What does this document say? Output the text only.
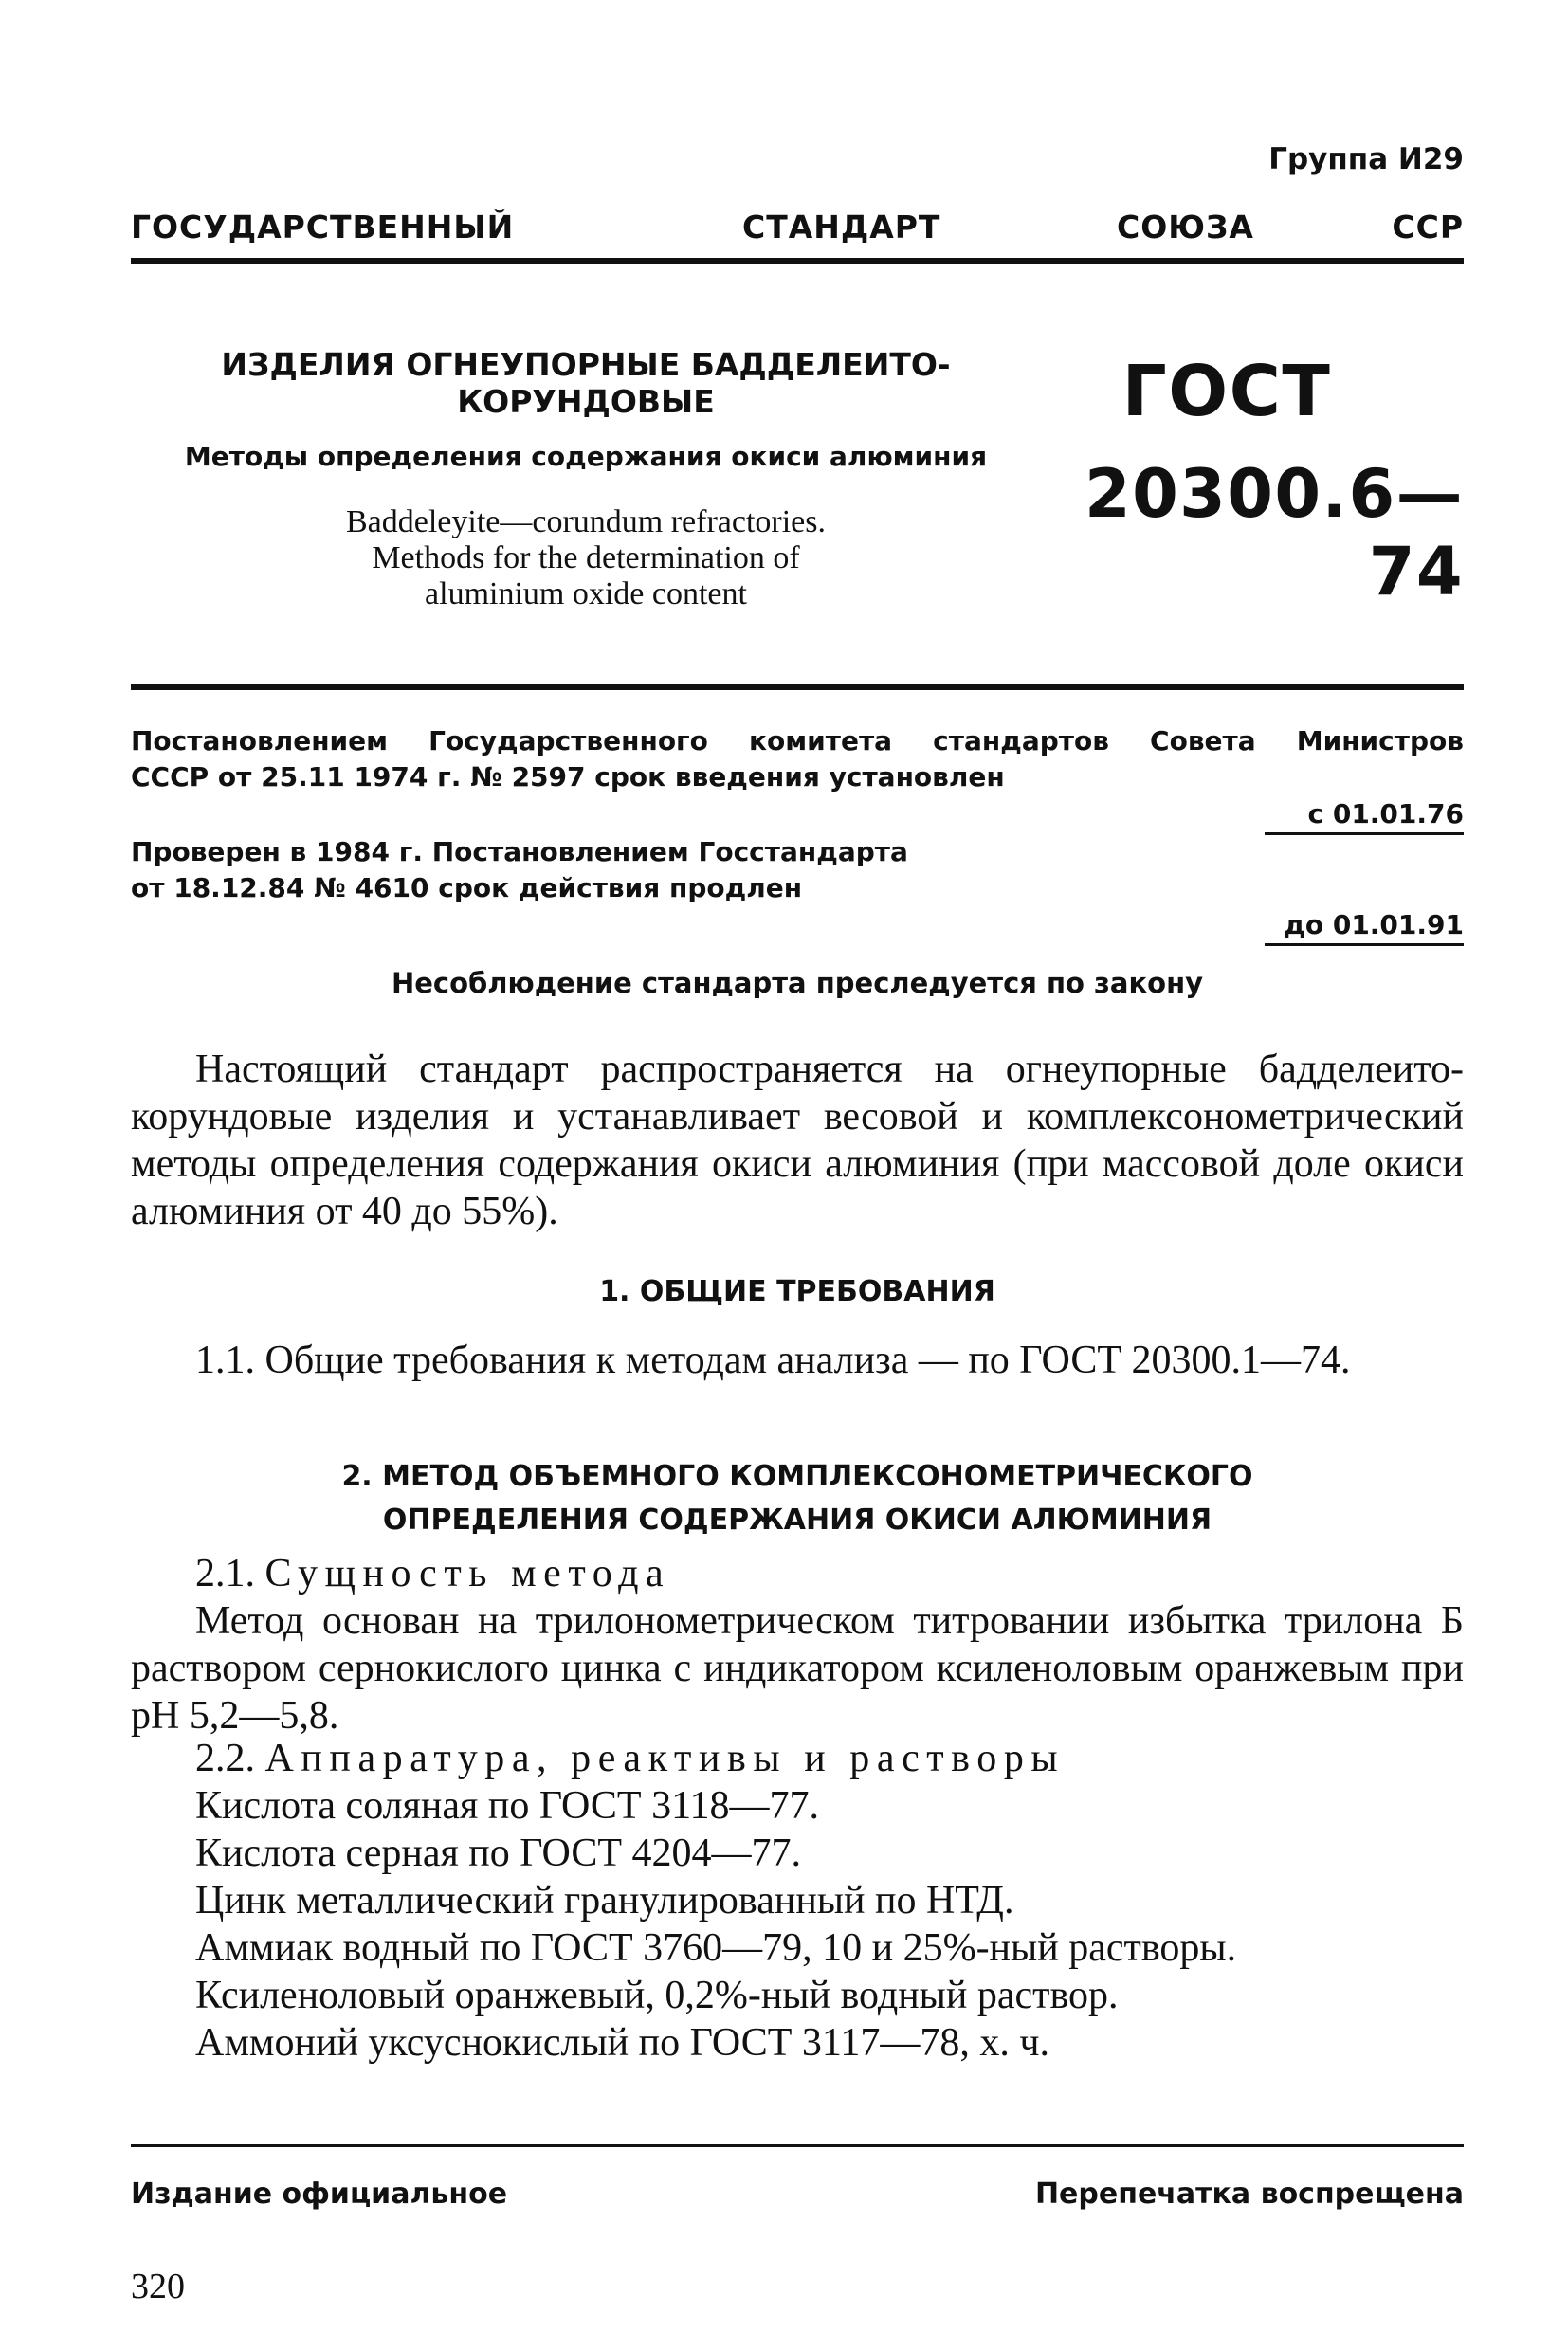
Группа И29
ГОСУДАРСТВЕННЫЙ	СТАНДАРТ	СОЮЗА	ССР
ИЗДЕЛИЯ ОГНЕУПОРНЫЕ БАДДЕЛЕИТО-КОРУНДОВЫЕ
Методы определения содержания окиси алюминия
Baddeleyite—corundum refractories.
Methods for the determination of
aluminium oxide content
ГОСТ
20300.6—74
Постановлением Государственного комитета стандартов Совета Министров
СССР от 25.11 1974 г. № 2597 срок введения установлен
с 01.01.76
Проверен в 1984 г. Постановлением Госстандарта
от 18.12.84 № 4610 срок действия продлен
до 01.01.91
Несоблюдение стандарта преследуется по закону
Настоящий стандарт распространяется на огнеупорные бадделеито-корундовые изделия и устанавливает весовой и комплексонометрический методы определения содержания окиси алюминия (при массовой доле окиси алюминия от 40 до 55%).
1. ОБЩИЕ ТРЕБОВАНИЯ
1.1. Общие требования к методам анализа — по ГОСТ 20300.1—74.
2. МЕТОД ОБЪЕМНОГО КОМПЛЕКСОНОМЕТРИЧЕСКОГО
ОПРЕДЕЛЕНИЯ СОДЕРЖАНИЯ ОКИСИ АЛЮМИНИЯ
2.1. Сущность метода
Метод основан на трилонометрическом титровании избытка трилона Б раствором сернокислого цинка с индикатором ксиленоловым оранжевым при pH 5,2—5,8.
2.2. Аппаратура, реактивы и растворы
Кислота соляная по ГОСТ 3118—77.
Кислота серная по ГОСТ 4204—77.
Цинк металлический гранулированный по НТД.
Аммиак водный по ГОСТ 3760—79, 10 и 25%-ный растворы.
Ксиленоловый оранжевый, 0,2%-ный водный раствор.
Аммоний уксуснокислый по ГОСТ 3117—78, х. ч.
Издание официальное	Перепечатка воспрещена
320
